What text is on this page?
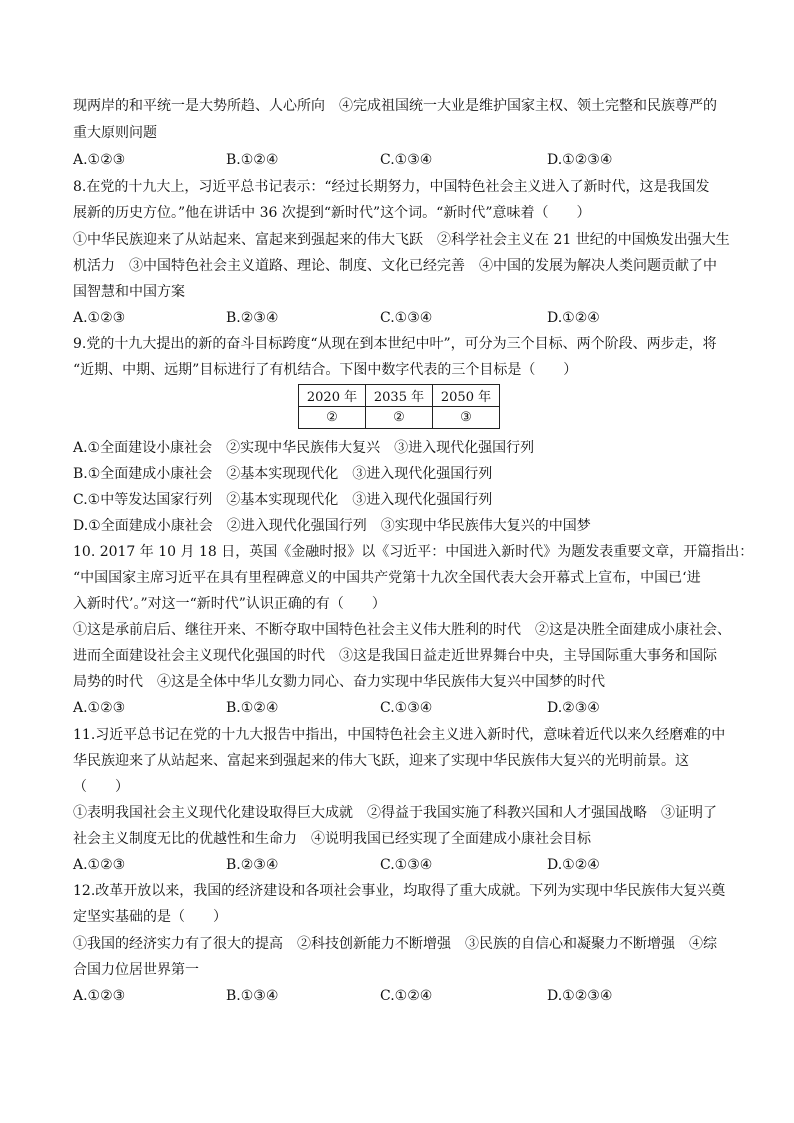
现两岸的和平统一是大势所趋、人心所向　④完成祖国统一大业是维护国家主权、领土完整和民族尊严的
重大原则问题
A.①②③	B.①②④	C.①③④	D.①②③④
8.在党的十九大上，习近平总书记表示：“经过长期努力，中国特色社会主义进入了新时代，这是我国发
展新的历史方位。”他在讲话中 36 次提到“新时代”这个词。“新时代”意味着（　　）
①中华民族迎来了从站起来、富起来到强起来的伟大飞跃　②科学社会主义在 21 世纪的中国焕发出强大生
机活力　③中国特色社会主义道路、理论、制度、文化已经完善　④中国的发展为解决人类问题贡献了中
国智慧和中国方案
A.①②③	B.②③④	C.①③④	D.①②④
9.党的十九大提出的新的奋斗目标跨度“从现在到本世纪中叶”，可分为三个目标、两个阶段、两步走，将
“近期、中期、远期”目标进行了有机结合。下图中数字代表的三个目标是（　　）
2020 年	2035 年	2050 年
②	②	③
A.①全面建设小康社会　②实现中华民族伟大复兴　③进入现代化强国行列
B.①全面建成小康社会　②基本实现现代化　③进入现代化强国行列
C.①中等发达国家行列　②基本实现现代化　③进入现代化强国行列
D.①全面建成小康社会　②进入现代化强国行列　③实现中华民族伟大复兴的中国梦
10. 2017 年 10 月 18 日，英国《金融时报》以《习近平：中国进入新时代》为题发表重要文章，开篇指出：
“中国国家主席习近平在具有里程碑意义的中国共产党第十九次全国代表大会开幕式上宣布，中国已‘进
入新时代’。”对这一“新时代”认识正确的有（　　）
①这是承前启后、继往开来、不断夺取中国特色社会主义伟大胜利的时代　②这是决胜全面建成小康社会、
进而全面建设社会主义现代化强国的时代　③这是我国日益走近世界舞台中央，主导国际重大事务和国际
局势的时代　④这是全体中华儿女勠力同心、奋力实现中华民族伟大复兴中国梦的时代
A.①②③	B.①②④	C.①③④	D.②③④
11.习近平总书记在党的十九大报告中指出，中国特色社会主义进入新时代，意味着近代以来久经磨难的中
华民族迎来了从站起来、富起来到强起来的伟大飞跃，迎来了实现中华民族伟大复兴的光明前景。这
（　　）
①表明我国社会主义现代化建设取得巨大成就　②得益于我国实施了科教兴国和人才强国战略　③证明了
社会主义制度无比的优越性和生命力　④说明我国已经实现了全面建成小康社会目标
A.①②③	B.②③④	C.①③④	D.①②④
12.改革开放以来，我国的经济建设和各项社会事业，均取得了重大成就。下列为实现中华民族伟大复兴奠
定坚实基础的是（　　）
①我国的经济实力有了很大的提高　②科技创新能力不断增强　③民族的自信心和凝聚力不断增强　④综
合国力位居世界第一
A.①②③	B.①③④	C.①②④	D.①②③④
